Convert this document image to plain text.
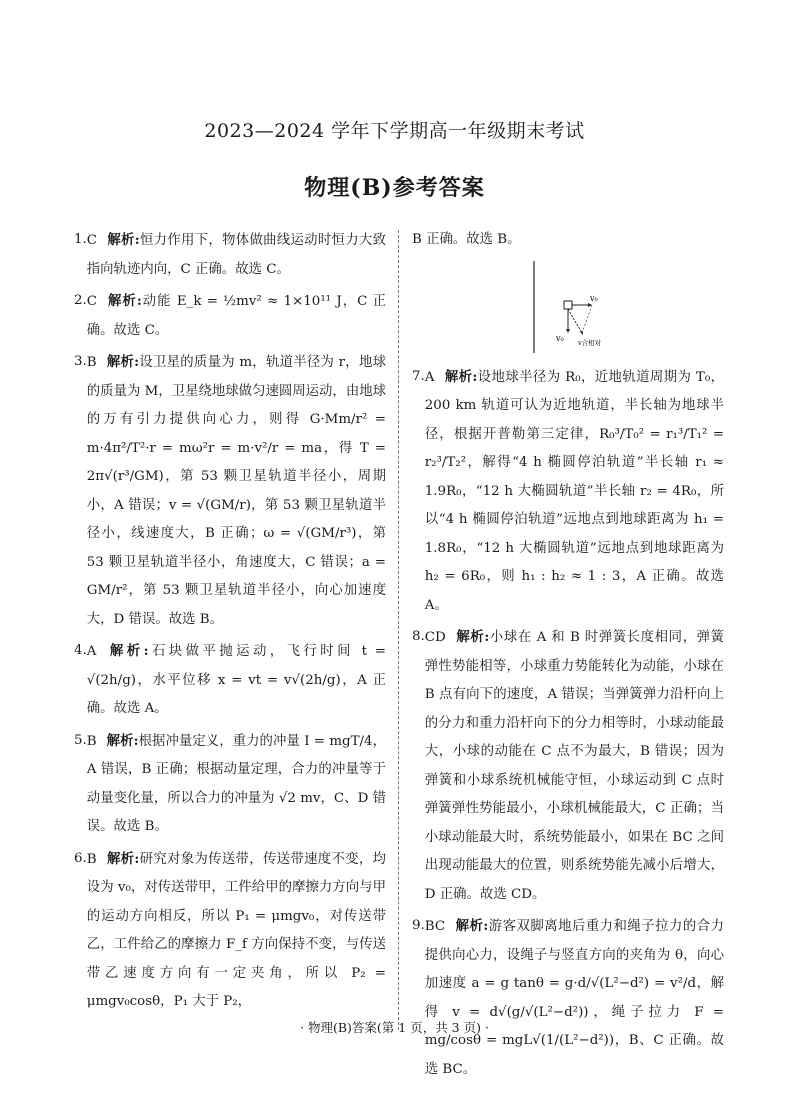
2023—2024 学年下学期高一年级期末考试
物理(B)参考答案
1. C 解析:恒力作用下，物体做曲线运动时恒力大致指向轨迹内向，C 正确。故选 C。
2. C 解析:动能 E_k = ½mv² ≈ 1×10¹¹ J，C 正确。故选 C。
3. B 解析:设卫星的质量为 m，轨道半径为 r，地球的质量为 M，卫星绕地球做匀速圆周运动，由地球的万有引力提供向心力，则得 G·Mm/r² = m·4π²/T²·r = mω²r = m·v²/r = ma，得 T = 2π√(r³/GM)，第 53 颗卫星轨道半径小，周期小，A 错误；v = √(GM/r)，第 53 颗卫星轨道半径小，线速度大，B 正确；ω = √(GM/r³)，第 53 颗卫星轨道半径小，角速度大，C 错误；a = GM/r²，第 53 颗卫星轨道半径小，向心加速度大，D 错误。故选 B。
4. A 解析:石块做平抛运动，飞行时间 t = √(2h/g)，水平位移 x = vt = v√(2h/g)，A 正确。故选 A。
5. B 解析:根据冲量定义，重力的冲量 I = mgT/4，A 错误，B 正确；根据动量定理，合力的冲量等于动量变化量，所以合力的冲量为 √2 mv，C、D 错误。故选 B。
6. B 解析:研究对象为传送带，传送带速度不变，均设为 v₀，对传送带甲，工件给甲的摩擦力方向与甲的运动方向相反，所以 P₁ = μmgv₀，对传送带乙，工件给乙的摩擦力 F_f 方向保持不变，与传送带乙速度方向有一定夹角，所以 P₂ = μmgv₀cosθ，P₁ 大于 P₂，
B 正确。故选 B。
v₀
v₀ v合相对
7. A 解析:设地球半径为 R₀，近地轨道周期为 T₀，200 km 轨道可认为近地轨道，半长轴为地球半径，根据开普勒第三定律，R₀³/T₀² = r₁³/T₁² = r₂³/T₂²，解得“4 h 椭圆停泊轨道”半长轴 r₁ ≈ 1.9R₀，“12 h 大椭圆轨道”半长轴 r₂ = 4R₀，所以“4 h 椭圆停泊轨道”远地点到地球距离为 h₁ = 1.8R₀，“12 h 大椭圆轨道”远地点到地球距离为 h₂ = 6R₀，则 h₁ : h₂ ≈ 1 : 3，A 正确。故选 A。
8. CD 解析:小球在 A 和 B 时弹簧长度相同，弹簧弹性势能相等，小球重力势能转化为动能，小球在 B 点有向下的速度，A 错误；当弹簧弹力沿杆向上的分力和重力沿杆向下的分力相等时，小球动能最大，小球的动能在 C 点不为最大，B 错误；因为弹簧和小球系统机械能守恒，小球运动到 C 点时弹簧弹性势能最小，小球机械能最大，C 正确；当小球动能最大时，系统势能最小，如果在 BC 之间出现动能最大的位置，则系统势能先减小后增大，D 正确。故选 CD。
9. BC 解析:游客双脚离地后重力和绳子拉力的合力提供向心力，设绳子与竖直方向的夹角为 θ，向心加速度 a = g tanθ = g·d/√(L²−d²) = v²/d，解得 v = d√(g/√(L²−d²))，绳子拉力 F = mg/cosθ = mgL√(1/(L²−d²))，B、C 正确。故选 BC。
· 物理(B)答案(第 1 页，共 3 页) ·
